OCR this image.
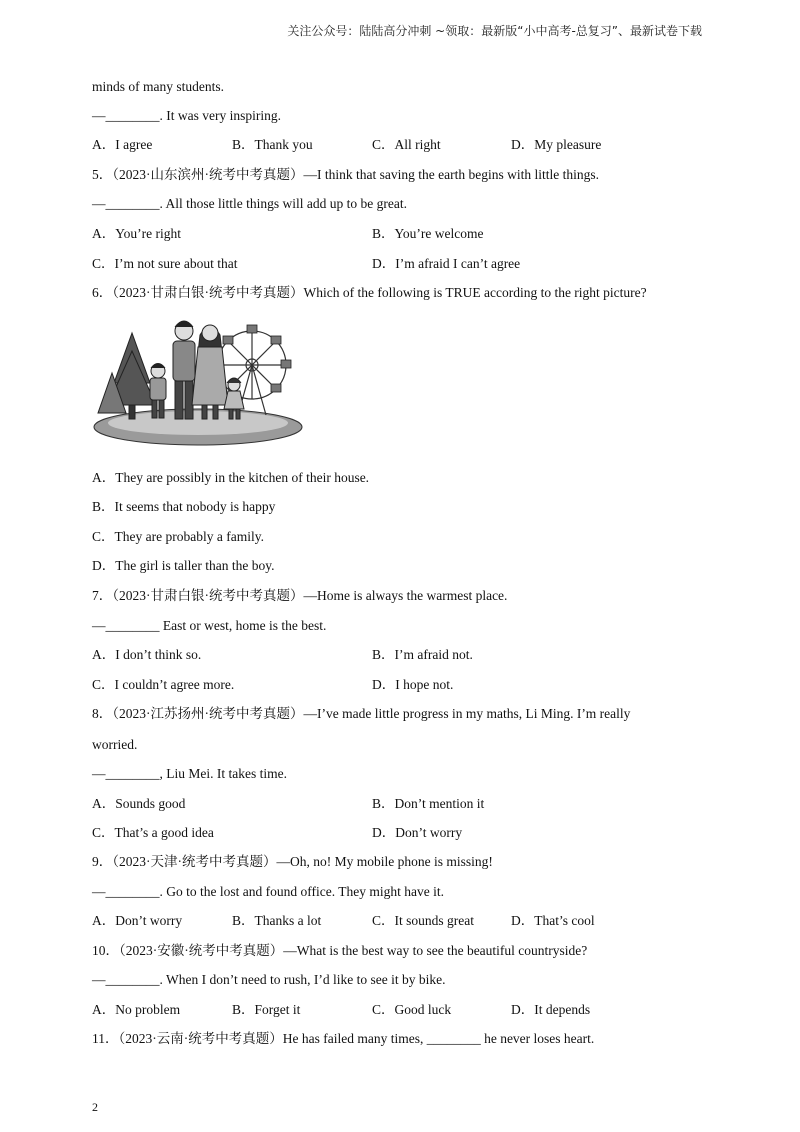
关注公众号：陆陆高分冲刺 ~领取：最新版“小中高考-总复习”、最新试卷下载
minds of many students.
—________. It was very inspiring.
A．I agree	B．Thank you	C．All right	D．My pleasure
5．（2023·山东滨州·统考中考真题）—I think that saving the earth begins with little things.
—________. All those little things will add up to be great.
A．You’re right	B．You’re welcome
C．I’m not sure about that	D．I’m afraid I can’t agree
6．（2023·甘肃白银·统考中考真题）Which of the following is TRUE according to the right picture?
A．They are possibly in the kitchen of their house.
B．It seems that nobody is happy
C．They are probably a family.
D．The girl is taller than the boy.
7．（2023·甘肃白银·统考中考真题）—Home is always the warmest place.
—________ East or west, home is the best.
A．I don’t think so.	B．I’m afraid not.
C．I couldn’t agree more.	D．I hope not.
8．（2023·江苏扬州·统考中考真题）—I’ve made little progress in my maths, Li Ming. I’m really
worried.
—________, Liu Mei. It takes time.
A．Sounds good	B．Don’t mention it
C．That’s a good idea	D．Don’t worry
9．（2023·天津·统考中考真题）—Oh, no! My mobile phone is missing!
—________. Go to the lost and found office. They might have it.
A．Don’t worry	B．Thanks a lot	C．It sounds great	D．That’s cool
10．（2023·安徽·统考中考真题）—What is the best way to see the beautiful countryside?
—________. When I don’t need to rush, I’d like to see it by bike.
A．No problem	B．Forget it	C．Good luck	D．It depends
11．（2023·云南·统考中考真题）He has failed many times, ________ he never loses heart.
2
